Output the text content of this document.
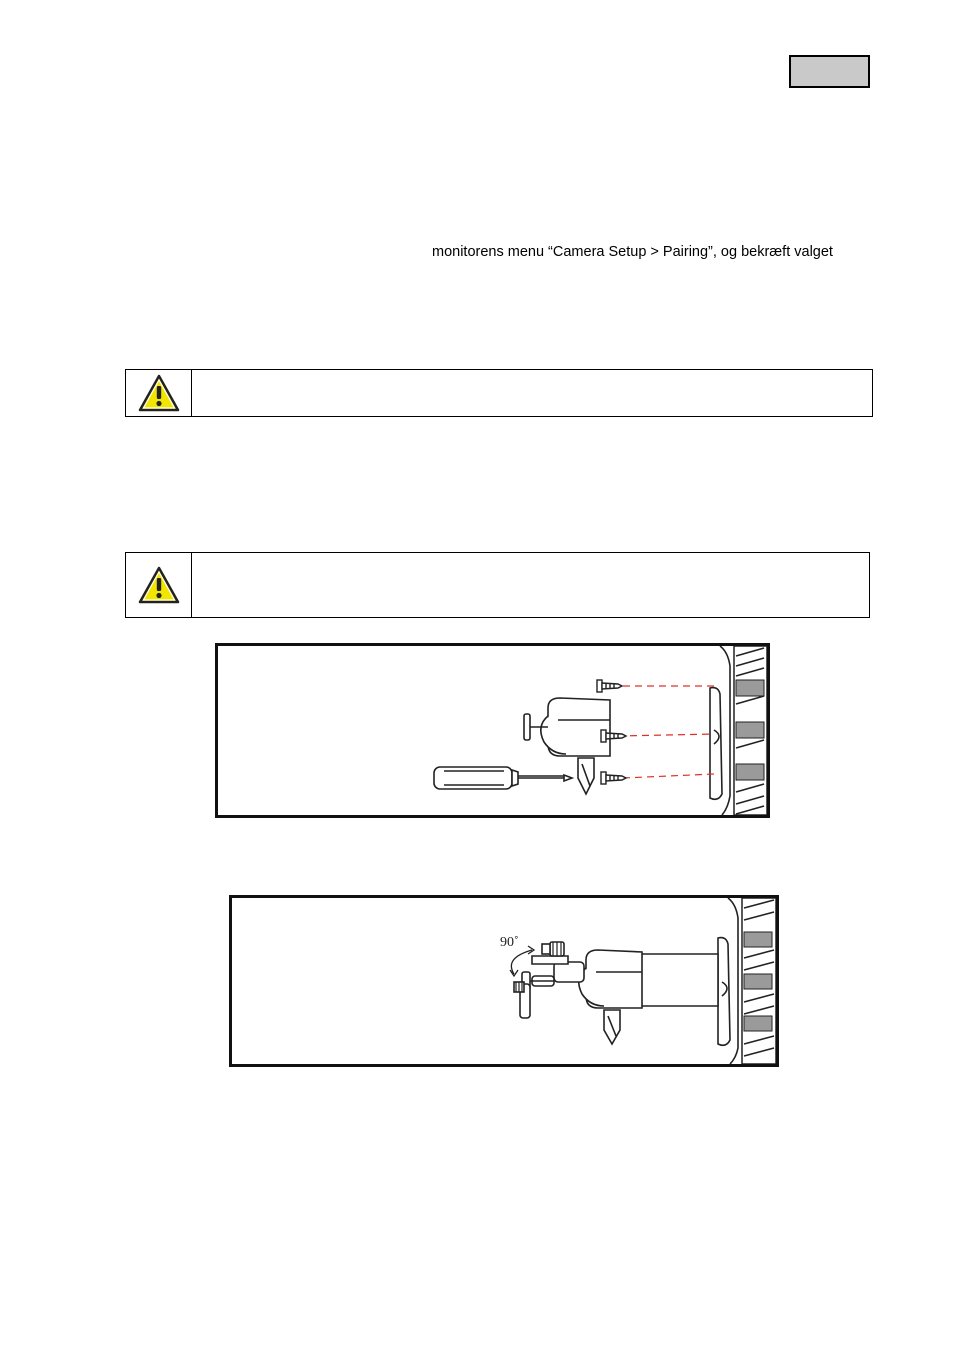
monitorens menu “Camera Setup > Pairing”, og bekræft valget
90˚
